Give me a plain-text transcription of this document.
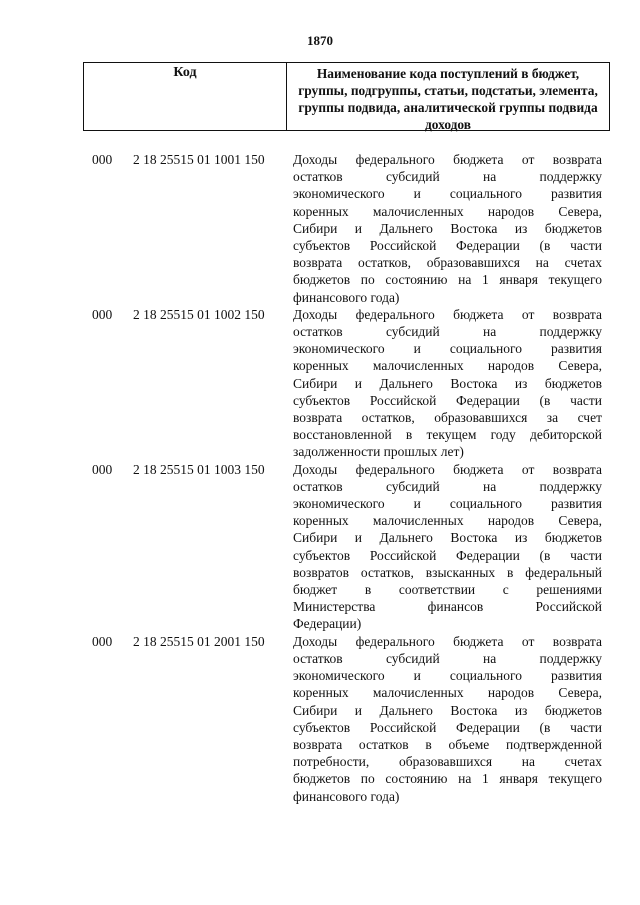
1870
Код	Наименование кода поступлений в бюджет, группы, подгруппы, статьи, подстатьи, элемента, группы подвида, аналитической группы подвида доходов
000 2 18 25515 01 1001 150 Доходы федерального бюджета от возврата
остатков субсидий на поддержку
экономического и социального развития
коренных малочисленных народов Севера,
Сибири и Дальнего Востока из бюджетов
субъектов Российской Федерации (в части
возврата остатков, образовавшихся на счетах
бюджетов по состоянию на 1 января текущего
финансового года)
000 2 18 25515 01 1002 150 Доходы федерального бюджета от возврата
остатков субсидий на поддержку
экономического и социального развития
коренных малочисленных народов Севера,
Сибири и Дальнего Востока из бюджетов
субъектов Российской Федерации (в части
возврата остатков, образовавшихся за счет
восстановленной в текущем году дебиторской
задолженности прошлых лет)
000 2 18 25515 01 1003 150 Доходы федерального бюджета от возврата
остатков субсидий на поддержку
экономического и социального развития
коренных малочисленных народов Севера,
Сибири и Дальнего Востока из бюджетов
субъектов Российской Федерации (в части
возвратов остатков, взысканных в федеральный
бюджет в соответствии с решениями
Министерства финансов Российской
Федерации)
000 2 18 25515 01 2001 150 Доходы федерального бюджета от возврата
остатков субсидий на поддержку
экономического и социального развития
коренных малочисленных народов Севера,
Сибири и Дальнего Востока из бюджетов
субъектов Российской Федерации (в части
возврата остатков в объеме подтвержденной
потребности, образовавшихся на счетах
бюджетов по состоянию на 1 января текущего
финансового года)
